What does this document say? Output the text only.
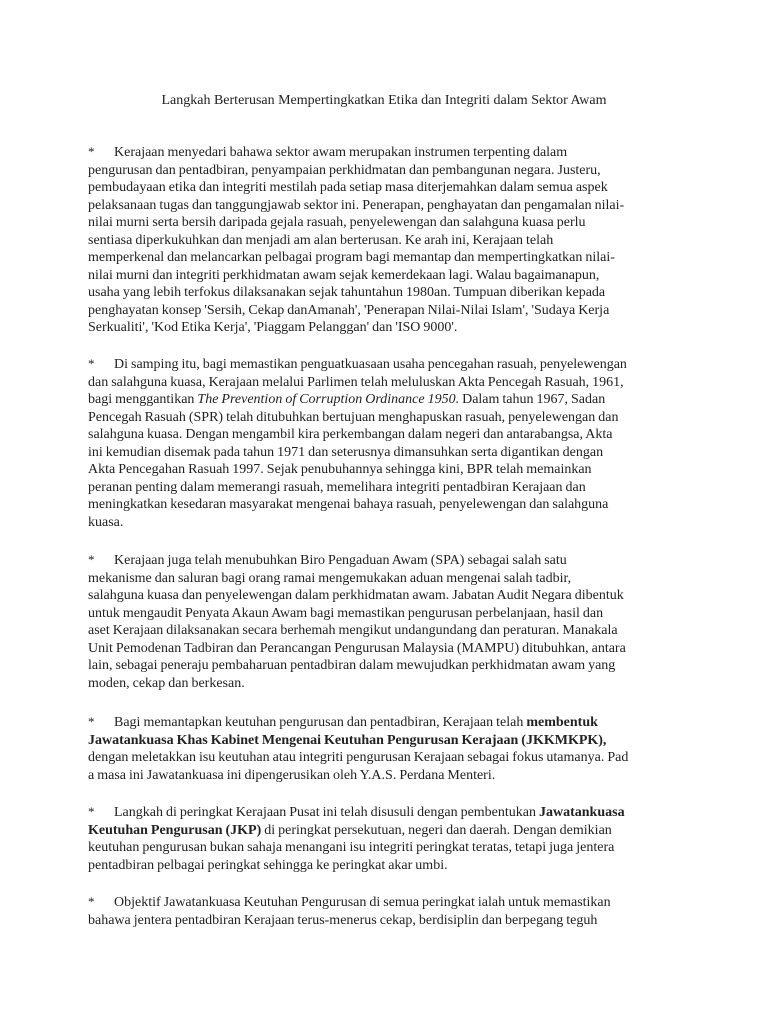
Langkah Berterusan Mempertingkatkan Etika dan Integriti dalam Sektor Awam
* Kerajaan menyedari bahawa sektor awam merupakan instrumen terpenting dalam
pengurusan dan pentadbiran, penyampaian perkhidmatan dan pembangunan negara. Justeru,
pembudayaan etika dan integriti mestilah pada setiap masa diterjemahkan dalam semua aspek
pelaksanaan tugas dan tanggungjawab sektor ini. Penerapan, penghayatan dan pengamalan nilai-
nilai murni serta bersih daripada gejala rasuah, penyelewengan dan salahguna kuasa perlu
sentiasa diperkukuhkan dan menjadi am alan berterusan. Ke arah ini, Kerajaan telah
memperkenal dan melancarkan pelbagai program bagi memantap dan mempertingkatkan nilai-
nilai murni dan integriti perkhidmatan awam sejak kemerdekaan lagi. Walau bagaimanapun,
usaha yang lebih terfokus dilaksanakan sejak tahuntahun 1980an. Tumpuan diberikan kepada
penghayatan konsep 'Sersih, Cekap danAmanah', 'Penerapan Nilai-Nilai Islam', 'Sudaya Kerja
Serkualiti', 'Kod Etika Kerja', 'Piaggam Pelanggan' dan 'ISO 9000'.
* Di samping itu, bagi memastikan penguatkuasaan usaha pencegahan rasuah, penyelewengan
dan salahguna kuasa, Kerajaan melalui Parlimen telah meluluskan Akta Pencegah Rasuah, 1961,
bagi menggantikan The Prevention of Corruption Ordinance 1950. Dalam tahun 1967, Sadan
Pencegah Rasuah (SPR) telah ditubuhkan bertujuan menghapuskan rasuah, penyelewengan dan
salahguna kuasa. Dengan mengambil kira perkembangan dalam negeri dan antarabangsa, Akta
ini kemudian disemak pada tahun 1971 dan seterusnya dimansuhkan serta digantikan dengan
Akta Pencegahan Rasuah 1997. Sejak penubuhannya sehingga kini, BPR telah memainkan
peranan penting dalam memerangi rasuah, memelihara integriti pentadbiran Kerajaan dan
meningkatkan kesedaran masyarakat mengenai bahaya rasuah, penyelewengan dan salahguna
kuasa.
* Kerajaan juga telah menubuhkan Biro Pengaduan Awam (SPA) sebagai salah satu
mekanisme dan saluran bagi orang ramai mengemukakan aduan mengenai salah tadbir,
salahguna kuasa dan penyelewengan dalam perkhidmatan awam. Jabatan Audit Negara dibentuk
untuk mengaudit Penyata Akaun Awam bagi memastikan pengurusan perbelanjaan, hasil dan
aset Kerajaan dilaksanakan secara berhemah mengikut undangundang dan peraturan. Manakala
Unit Pemodenan Tadbiran dan Perancangan Pengurusan Malaysia (MAMPU) ditubuhkan, antara
lain, sebagai peneraju pembaharuan pentadbiran dalam mewujudkan perkhidmatan awam yang
moden, cekap dan berkesan.
* Bagi memantapkan keutuhan pengurusan dan pentadbiran, Kerajaan telah membentuk
Jawatankuasa Khas Kabinet Mengenai Keutuhan Pengurusan Kerajaan (JKKMKPK),
dengan meletakkan isu keutuhan atau integriti pengurusan Kerajaan sebagai fokus utamanya. Pad
a masa ini Jawatankuasa ini dipengerusikan oleh Y.A.S. Perdana Menteri.
* Langkah di peringkat Kerajaan Pusat ini telah disusuli dengan pembentukan Jawatankuasa
Keutuhan Pengurusan (JKP) di peringkat persekutuan, negeri dan daerah. Dengan demikian
keutuhan pengurusan bukan sahaja menangani isu integriti peringkat teratas, tetapi juga jentera
pentadbiran pelbagai peringkat sehingga ke peringkat akar umbi.
* Objektif Jawatankuasa Keutuhan Pengurusan di semua peringkat ialah untuk memastikan
bahawa jentera pentadbiran Kerajaan terus-menerus cekap, berdisiplin dan berpegang teguh
